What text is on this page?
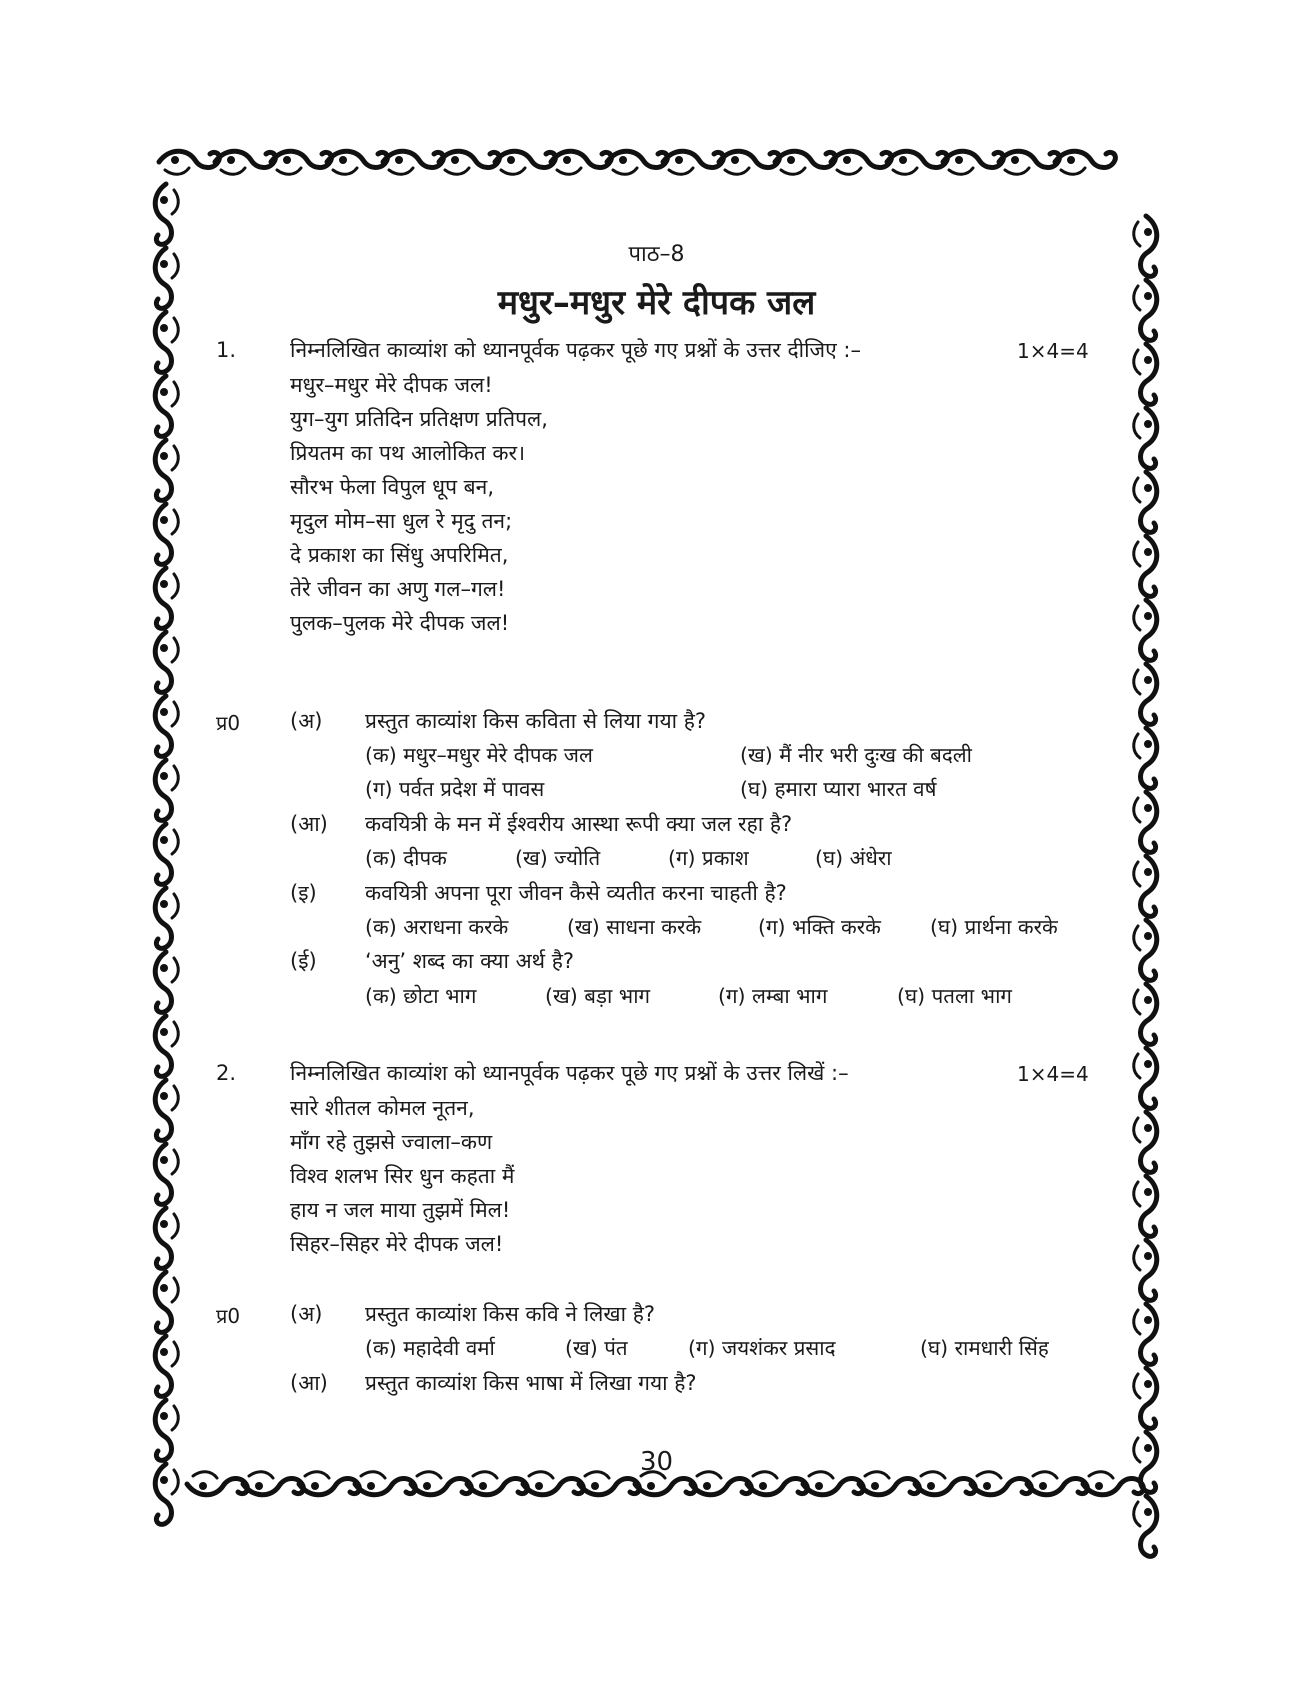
पाठ–8
मधुर–मधुर मेरे दीपक जल
1.	निम्नलिखित काव्यांश को ध्यानपूर्वक पढ़कर पूछे गए प्रश्नों के उत्तर दीजिए :–	1×4=4
मधुर–मधुर मेरे दीपक जल!
युग–युग प्रतिदिन प्रतिक्षण प्रतिपल,
प्रियतम का पथ आलोकित कर।
सौरभ फेला विपुल धूप बन,
मृदुल मोम–सा धुल रे मृदु तन;
दे प्रकाश का सिंधु अपरिमित,
तेरे जीवन का अणु गल–गल!
पुलक–पुलक मेरे दीपक जल!
प्र0 (अ) प्रस्तुत काव्यांश किस कविता से लिया गया है?
(क) मधुर–मधुर मेरे दीपक जल	(ख) मैं नीर भरी दुःख की बदली
(ग) पर्वत प्रदेश में पावस	(घ) हमारा प्यारा भारत वर्ष
(आ) कवयित्री के मन में ईश्वरीय आस्था रूपी क्या जल रहा है?
(क) दीपक	(ख) ज्योति	(ग) प्रकाश	(घ) अंधेरा
(इ) कवयित्री अपना पूरा जीवन कैसे व्यतीत करना चाहती है?
(क) अराधना करके	(ख) साधना करके	(ग) भक्ति करके (घ) प्रार्थना करके
(ई) ‘अनु’ शब्द का क्या अर्थ है?
(क) छोटा भाग	(ख) बड़ा भाग	(ग) लम्बा भाग	(घ) पतला भाग
2.	निम्नलिखित काव्यांश को ध्यानपूर्वक पढ़कर पूछे गए प्रश्नों के उत्तर लिखें :–	1×4=4
सारे शीतल कोमल नूतन,
माँग रहे तुझसे ज्वाला–कण
विश्व शलभ सिर धुन कहता मैं
हाय न जल माया तुझमें मिल!
सिहर–सिहर मेरे दीपक जल!
प्र0 (अ) प्रस्तुत काव्यांश किस कवि ने लिखा है?
(क) महादेवी वर्मा	(ख) पंत	(ग) जयशंकर प्रसाद	(घ) रामधारी सिंह
(आ) प्रस्तुत काव्यांश किस भाषा में लिखा गया है?
30
